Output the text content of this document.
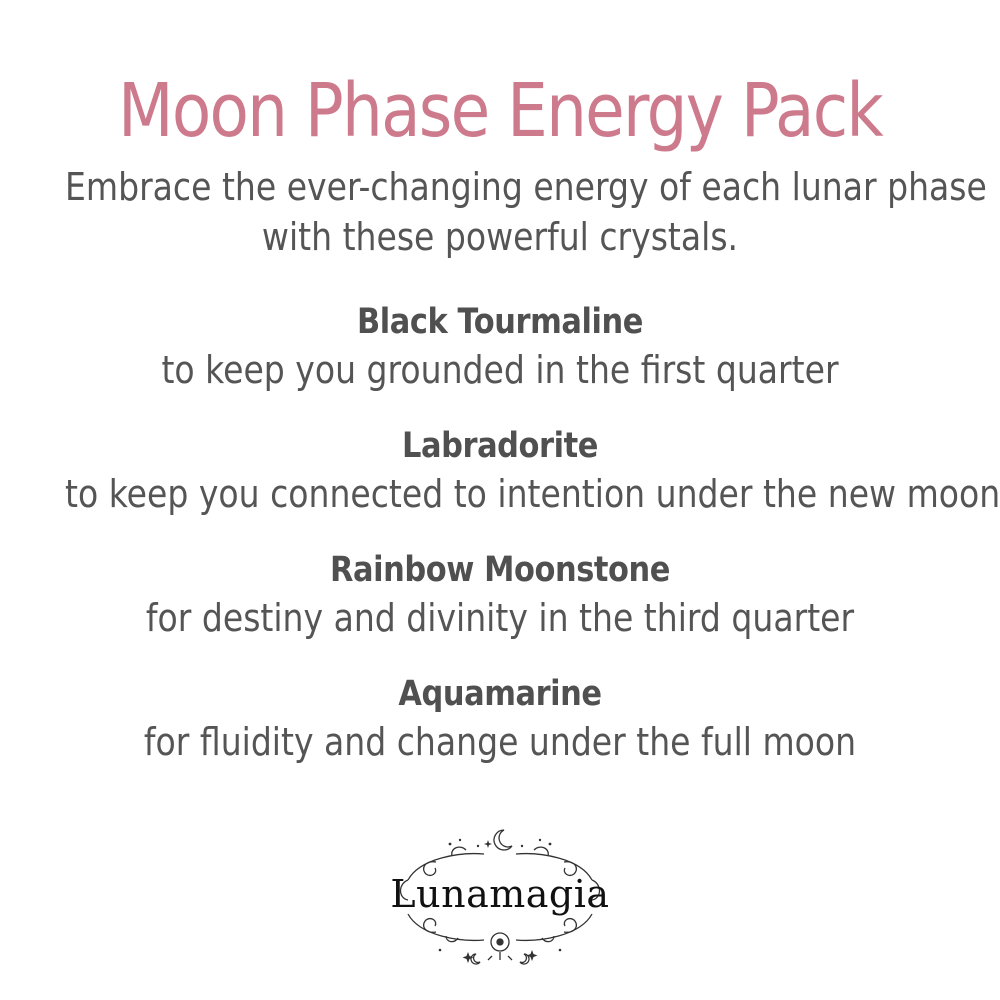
Moon Phase Energy Pack
Embrace the ever-changing energy of each lunar phase
with these powerful crystals.
Black Tourmaline
to keep you grounded in the first quarter
Labradorite
to keep you connected to intention under the new moon
Rainbow Moonstone
for destiny and divinity in the third quarter
Aquamarine
for fluidity and change under the full moon
Lunamagia
